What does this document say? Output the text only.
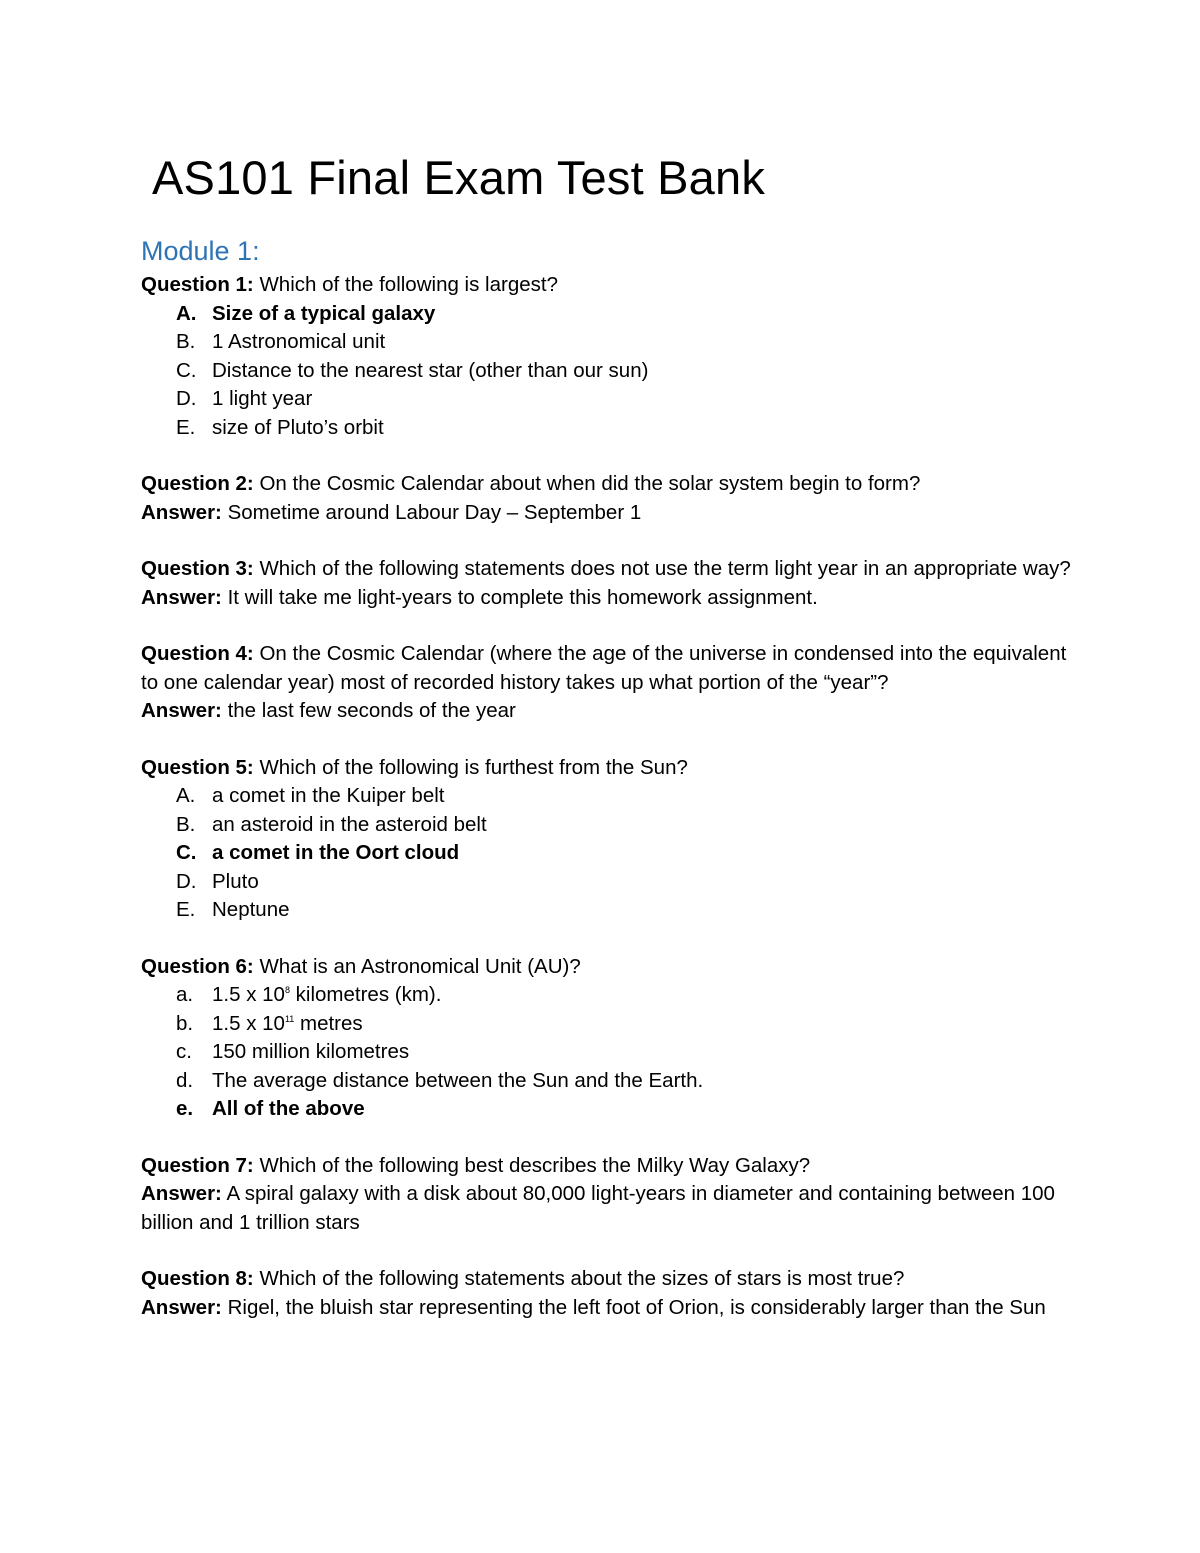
AS101 Final Exam Test Bank
Module 1:

Question 1: Which of the following is largest?

A. Size of a typical galaxy
B. 1 Astronomical unit
C. Distance to the nearest star (other than our sun)
D. 1 light year
E. size of Pluto’s orbit

Question 2: On the Cosmic Calendar about when did the solar system begin to form?

Answer: Sometime around Labour Day – September 1

Question 3: Which of the following statements does not use the term light year in an appropriate way?

Answer: It will take me light-years to complete this homework assignment.

Question 4: On the Cosmic Calendar (where the age of the universe in condensed into the equivalent to one calendar year) most of recorded history takes up what portion of the “year”?

Answer: the last few seconds of the year

Question 5: Which of the following is furthest from the Sun?

A. a comet in the Kuiper belt
B. an asteroid in the asteroid belt
C. a comet in the Oort cloud
D. Pluto
E. Neptune

Question 6: What is an Astronomical Unit (AU)?

a. 1.5 x $10^8$ kilometres (km).
b. 1.5 x $10^{11}$ metres
c. 150 million kilometres
d. The average distance between the Sun and the Earth.
e. All of the above

Question 7: Which of the following best describes the Milky Way Galaxy?

Answer: A spiral galaxy with a disk about 80,000 light-years in diameter and containing between 100 billion and 1 trillion stars

Question 8: Which of the following statements about the sizes of stars is most true?

Answer: Rigel, the bluish star representing the left foot of Orion, is considerably larger than the Sun
